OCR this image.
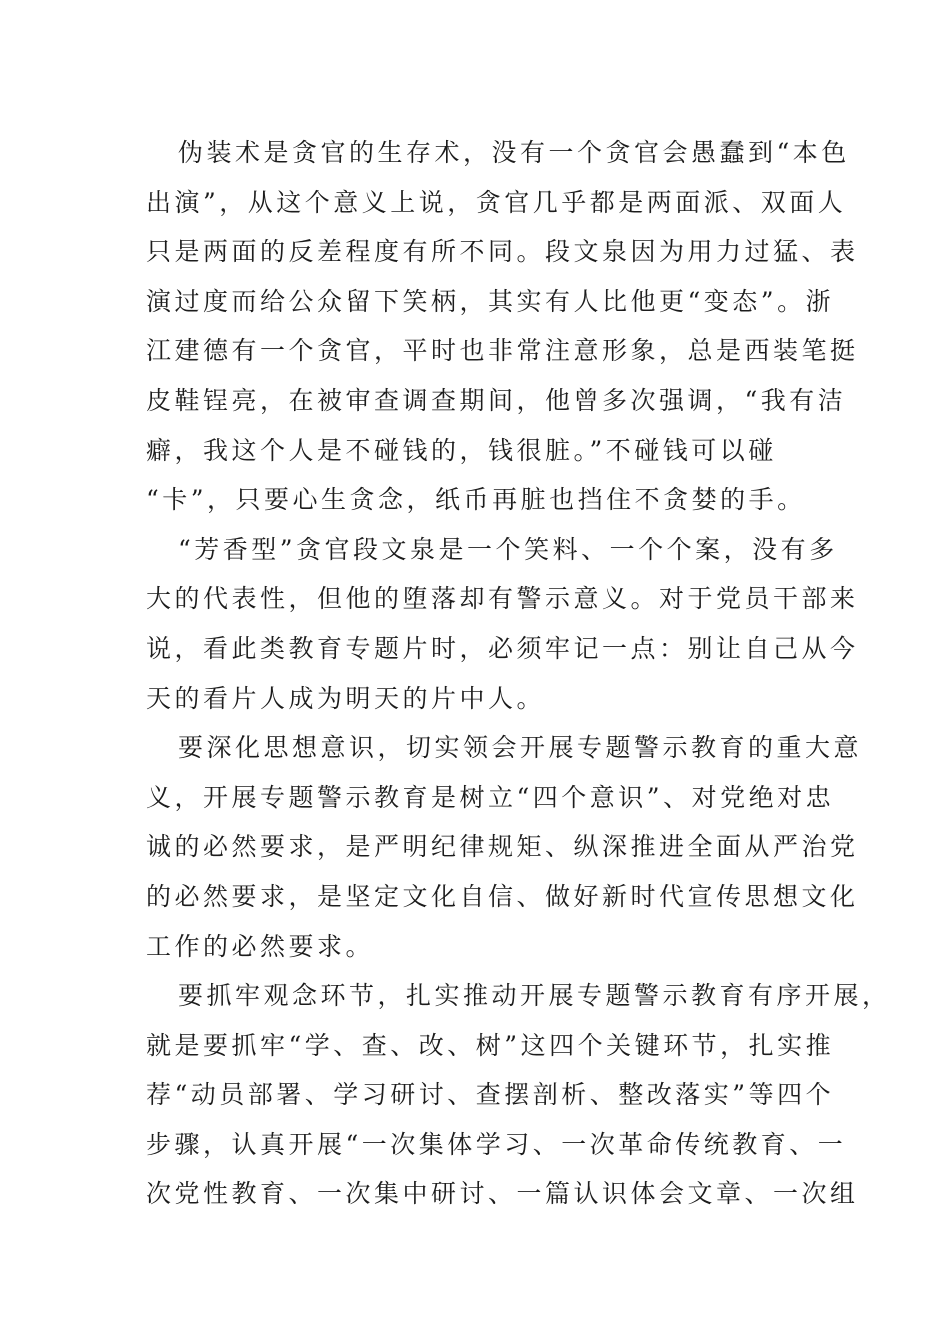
伪装术是贪官的生存术，没有一个贪官会愚蠢到“本色
出演”，从这个意义上说，贪官几乎都是两面派、双面人
只是两面的反差程度有所不同。段文泉因为用力过猛、表
演过度而给公众留下笑柄，其实有人比他更“变态”。浙
江建德有一个贪官，平时也非常注意形象，总是西装笔挺
皮鞋锃亮，在被审查调查期间，他曾多次强调，“我有洁
癖，我这个人是不碰钱的，钱很脏。”不碰钱可以碰
“卡”，只要心生贪念，纸币再脏也挡住不贪婪的手。
“芳香型”贪官段文泉是一个笑料、一个个案，没有多
大的代表性，但他的堕落却有警示意义。对于党员干部来
说，看此类教育专题片时，必须牢记一点：别让自己从今
天的看片人成为明天的片中人。
要深化思想意识，切实领会开展专题警示教育的重大意
义，开展专题警示教育是树立“四个意识”、对党绝对忠
诚的必然要求，是严明纪律规矩、纵深推进全面从严治党
的必然要求，是坚定文化自信、做好新时代宣传思想文化
工作的必然要求。
要抓牢观念环节，扎实推动开展专题警示教育有序开展，
就是要抓牢“学、查、改、树”这四个关键环节，扎实推
荐“动员部署、学习研讨、查摆剖析、整改落实”等四个
步骤，认真开展“一次集体学习、一次革命传统教育、一
次党性教育、一次集中研讨、一篇认识体会文章、一次组
